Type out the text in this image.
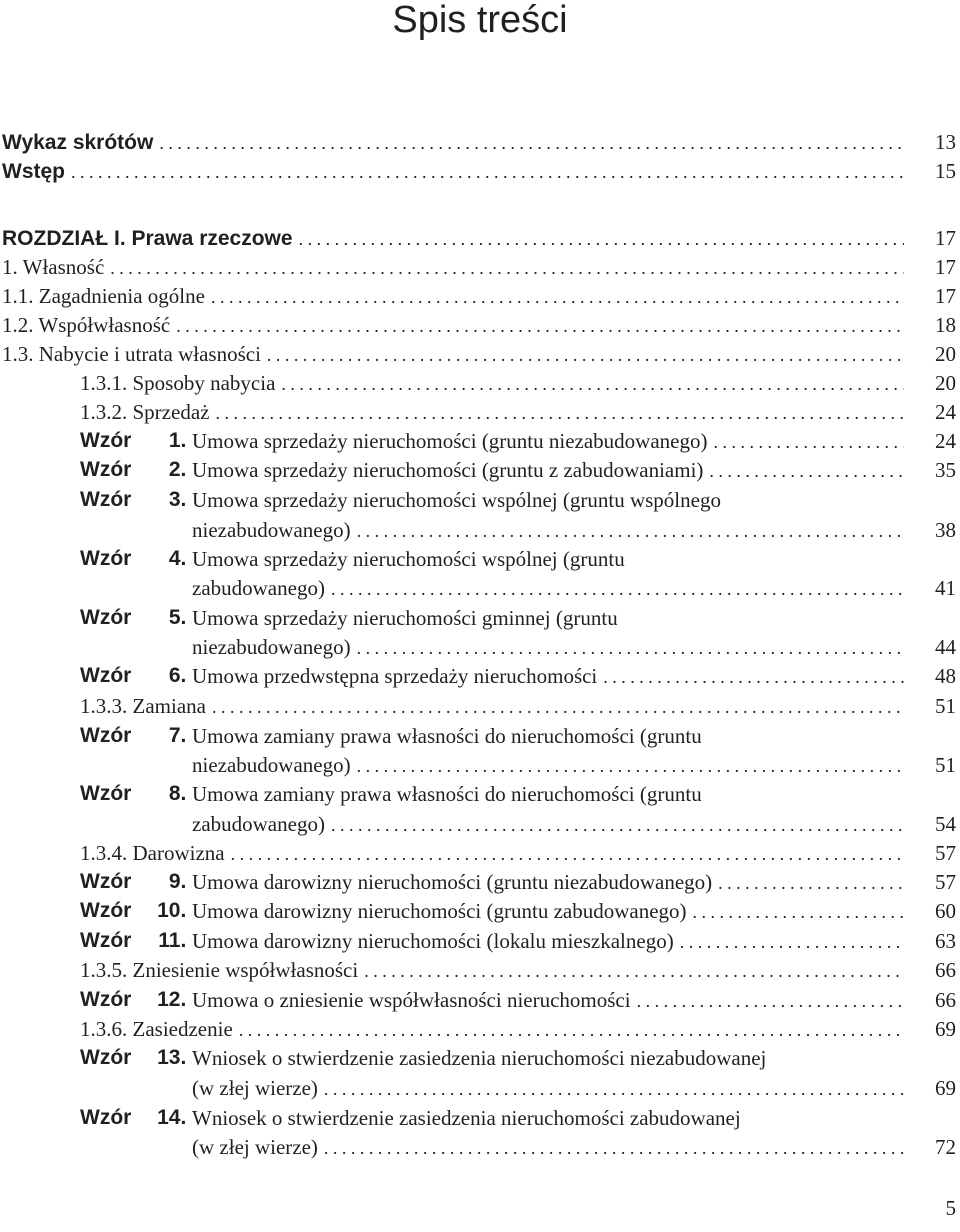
Spis treści
Wykaz skrótów . . .	13
Wstęp . . .	15
ROZDZIAŁ I. Prawa rzeczowe . . .	17
1. Własność . . .	17
1.1. Zagadnienia ogólne . . .	17
1.2. Współwłasność . . .	18
1.3. Nabycie i utrata własności . . .	20
1.3.1. Sposoby nabycia . . .	20
1.3.2. Sprzedaż . . .	24
Wzór	1. Umowa sprzedaży nieruchomości (gruntu niezabudowanego) . . .	24
Wzór	2. Umowa sprzedaży nieruchomości (gruntu z zabudowaniami) . . .	35
Wzór	3. Umowa sprzedaży nieruchomości wspólnej (gruntu wspólnego
niezabudowanego) . . .	38
Wzór	4. Umowa sprzedaży nieruchomości wspólnej (gruntu
zabudowanego) . . .	41
Wzór	5. Umowa sprzedaży nieruchomości gminnej (gruntu
niezabudowanego) . . .	44
Wzór	6. Umowa przedwstępna sprzedaży nieruchomości . . .	48
1.3.3. Zamiana . . .	51
Wzór	7. Umowa zamiany prawa własności do nieruchomości (gruntu
niezabudowanego) . . .	51
Wzór	8. Umowa zamiany prawa własności do nieruchomości (gruntu
zabudowanego) . . .	54
1.3.4. Darowizna . . .	57
Wzór	9. Umowa darowizny nieruchomości (gruntu niezabudowanego) . . .	57
Wzór	10. Umowa darowizny nieruchomości (gruntu zabudowanego) . . .	60
Wzór	11. Umowa darowizny nieruchomości (lokalu mieszkalnego) . . .	63
1.3.5. Zniesienie współwłasności . . .	66
Wzór	12. Umowa o zniesienie współwłasności nieruchomości . . .	66
1.3.6. Zasiedzenie . . .	69
Wzór	13. Wniosek o stwierdzenie zasiedzenia nieruchomości niezabudowanej
(w złej wierze) . . .	69
Wzór	14. Wniosek o stwierdzenie zasiedzenia nieruchomości zabudowanej
(w złej wierze) . . .	72
5
